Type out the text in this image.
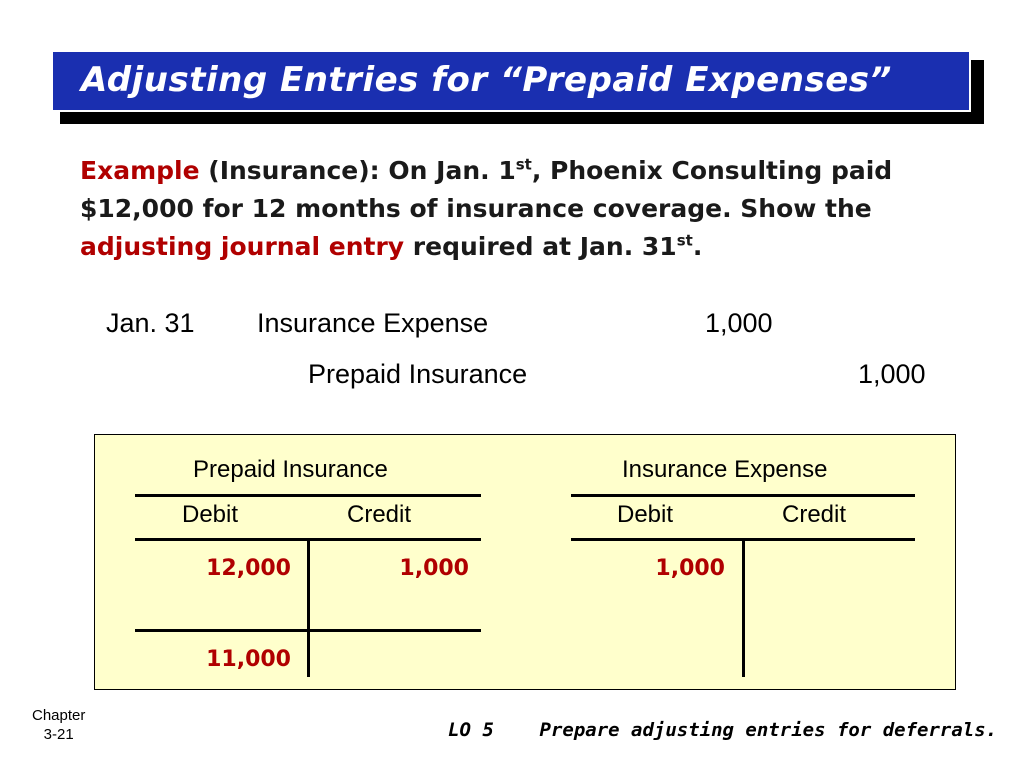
Adjusting Entries for “Prepaid Expenses”
Example (Insurance): On Jan. 1st, Phoenix Consulting paid $12,000 for 12 months of insurance coverage. Show the adjusting journal entry required at Jan. 31st.
Jan. 31 Insurance Expense	1,000
Prepaid Insurance	1,000
Prepaid Insurance
Debit	Credit
12,000	1,000
11,000
Insurance Expense
Debit	Credit
1,000
Chapter
3-21	LO 5 Prepare adjusting entries for deferrals.
